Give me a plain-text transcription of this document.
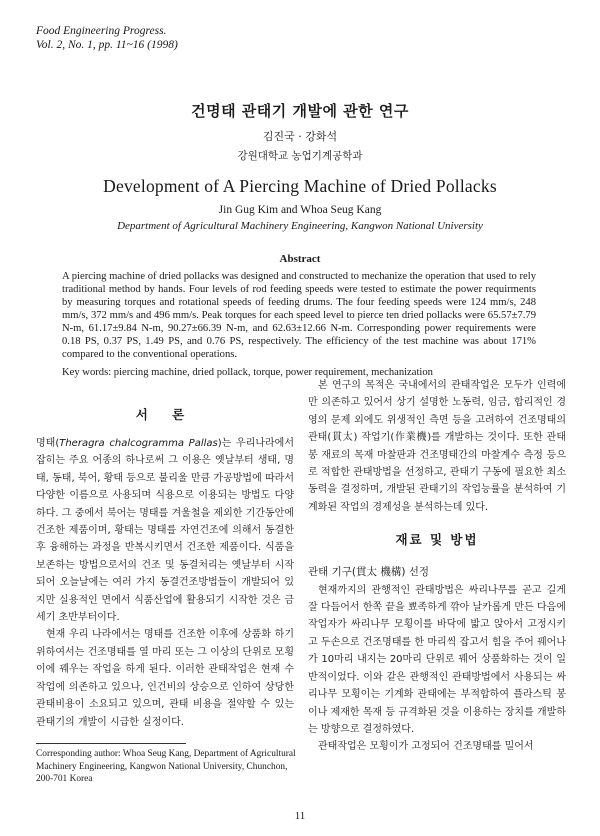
Food Engineering Progress.
Vol. 2, No. 1, pp. 11~16 (1998)
건명태 관태기 개발에 관한 연구
김진국 · 강화석
강원대학교 농업기계공학과
Development of A Piercing Machine of Dried Pollacks
Jin Gug Kim and Whoa Seug Kang
Department of Agricultural Machinery Engineering, Kangwon National University
Abstract

A piercing machine of dried pollacks was designed and constructed to mechanize the operation that used to rely traditional method by hands. Four levels of rod feeding speeds were tested to estimate the power requirments by measuring torques and rotational speeds of feeding drums. The four feeding speeds were 124 mm/s, 248 mm/s, 372 mm/s and 496 mm/s. Peak torques for each speed level to pierce ten dried pollacks were 65.57±7.79 N-m, 61.17±9.84 N-m, 90.27±66.39 N-m, and 62.63±12.66 N-m. Corresponding power requirements were 0.18 PS, 0.37 PS, 1.49 PS, and 0.76 PS, respectively. The efficiency of the test machine was about 171% compared to the conventional operations.

Key words: piercing machine, dried pollack, torque, power requirement, mechanization

서 론

명태(Theragra chalcogramma Pallas)는 우리나라에서 잡히는 주요 어종의 하나로써 그 이용은 옛날부터 생태, 명태, 동태, 북어, 황태 등으로 불리울 만큼 가공방법에 따라서 다양한 이름으로 사용되며 식용으로 이용되는 방법도 다양하다. 그 중에서 북어는 명태를 겨울철을 제외한 기간동안에 건조한 제품이며, 황태는 명태를 자연건조에 의해서 동결한 후 융해하는 과정을 반복시키면서 건조한 제품이다. 식품을 보존하는 방법으로서의 건조 및 동결처리는 옛날부터 시작되어 오늘날에는 여러 가지 동결건조방법들이 개발되어 있지만 실용적인 면에서 식품산업에 활용되기 시작한 것은 금세기 초반부터이다.

현재 우리 나라에서는 명태를 건조한 이후에 상품화 하기 위하여서는 건조명태를 열 마리 또는 그 이상의 단위로 모횡이에 꿰우는 작업을 하게 된다. 이러한 관태작업은 현재 수작업에 의존하고 있으나, 인건비의 상승으로 인하여 상당한 관태비용이 소요되고 있으며, 관태 비용을 절약할 수 있는 관태기의 개발이 시급한 실정이다.

본 연구의 목적은 국내에서의 관태작업은 모두가 인력에만 의존하고 있어서 상기 설명한 노동력, 임금, 합리적인 경영의 문제 외에도 위생적인 측면 등을 고려하여 건조명태의 관태(貫太) 작업기(作業機)를 개발하는 것이다. 또한 관태봉 재료의 목재 마찰판과 건조명태간의 마찰계수 측정 등으로 적합한 관태방법을 선정하고, 관태기 구동에 필요한 최소 동력을 결정하며, 개발된 관태기의 작업능률을 분석하여 기계화된 작업의 경제성을 분석하는데 있다.

재료 및 방법

관태 기구(貫太 機構) 선정

현재까지의 관행적인 관태방법은 싸리나무를 곧고 길게 잘 다듬어서 한쪽 끝을 뾰족하게 깎아 날카롭게 만든 다음에 작업자가 싸리나무 모횡이를 바닥에 밟고 앉아서 고정시키고 두손으로 건조명태를 한 마리씩 잡고서 힘을 주어 꿰어나가 10마리 내지는 20마리 단위로 꿰어 상품화하는 것이 일반적이었다. 이와 같은 관행적인 관태방법에서 사용되는 싸리나무 모횡이는 기계화 관태에는 부적합하여 플라스틱 봉이나 제재한 목재 등 규격화된 것을 이용하는 장치를 개발하는 방향으로 결정하였다.

관태작업은 모횡이가 고정되어 건조명태를 밀어서

Corresponding author: Whoa Seug Kang, Department of Agricultural Machinery Engineering, Kangwon National University, Chunchon, 200-701 Korea

11
